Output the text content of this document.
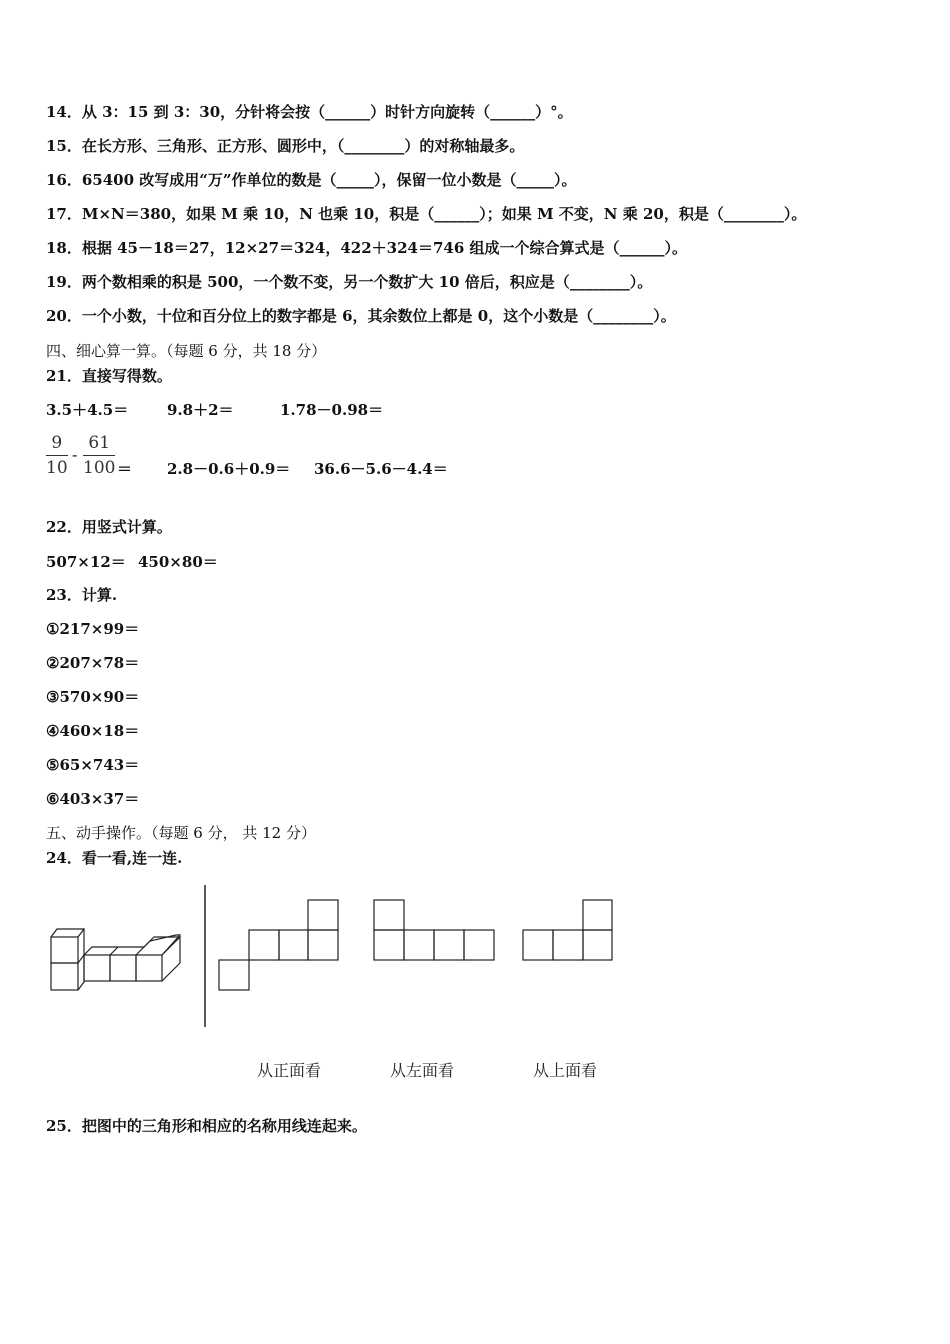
14．从 3：15 到 3：30，分针将会按（______）时针方向旋转（______）°。
15．在长方形、三角形、正方形、圆形中，（________）的对称轴最多。
16．65400 改写成用“万”作单位的数是（_____），保留一位小数是（_____）。
17．M×N＝380，如果 M 乘 10，N 也乘 10，积是（______）；如果 M 不变，N 乘 20，积是（________）。
18．根据 45－18＝27，12×27＝324，422＋324＝746 组成一个综合算式是（______）。
19．两个数相乘的积是 500，一个数不变，另一个数扩大 10 倍后，积应是（________）。
20．一个小数，十位和百分位上的数字都是 6，其余数位上都是 0，这个小数是（________）。
四、细心算一算。（每题 6 分，共 18 分）
21．直接写得数。
3.5＋4.5＝	9.8＋2＝	1.78－0.98＝
$\frac{9}{10} - \frac{61}{100} = 2.8-0.6+0.9= 36.6-5.6-4.4=$
22．用竖式计算。
507×12＝ 450×80＝
23．计算.
①217×99＝
②207×78＝
③570×90＝
④460×18＝
⑤65×743＝
⑥403×37＝
五、动手操作。（每题 6 分， 共 12 分）
24．看一看,连一连.
从正面看	从左面看	从上面看
25．把图中的三角形和相应的名称用线连起来。
